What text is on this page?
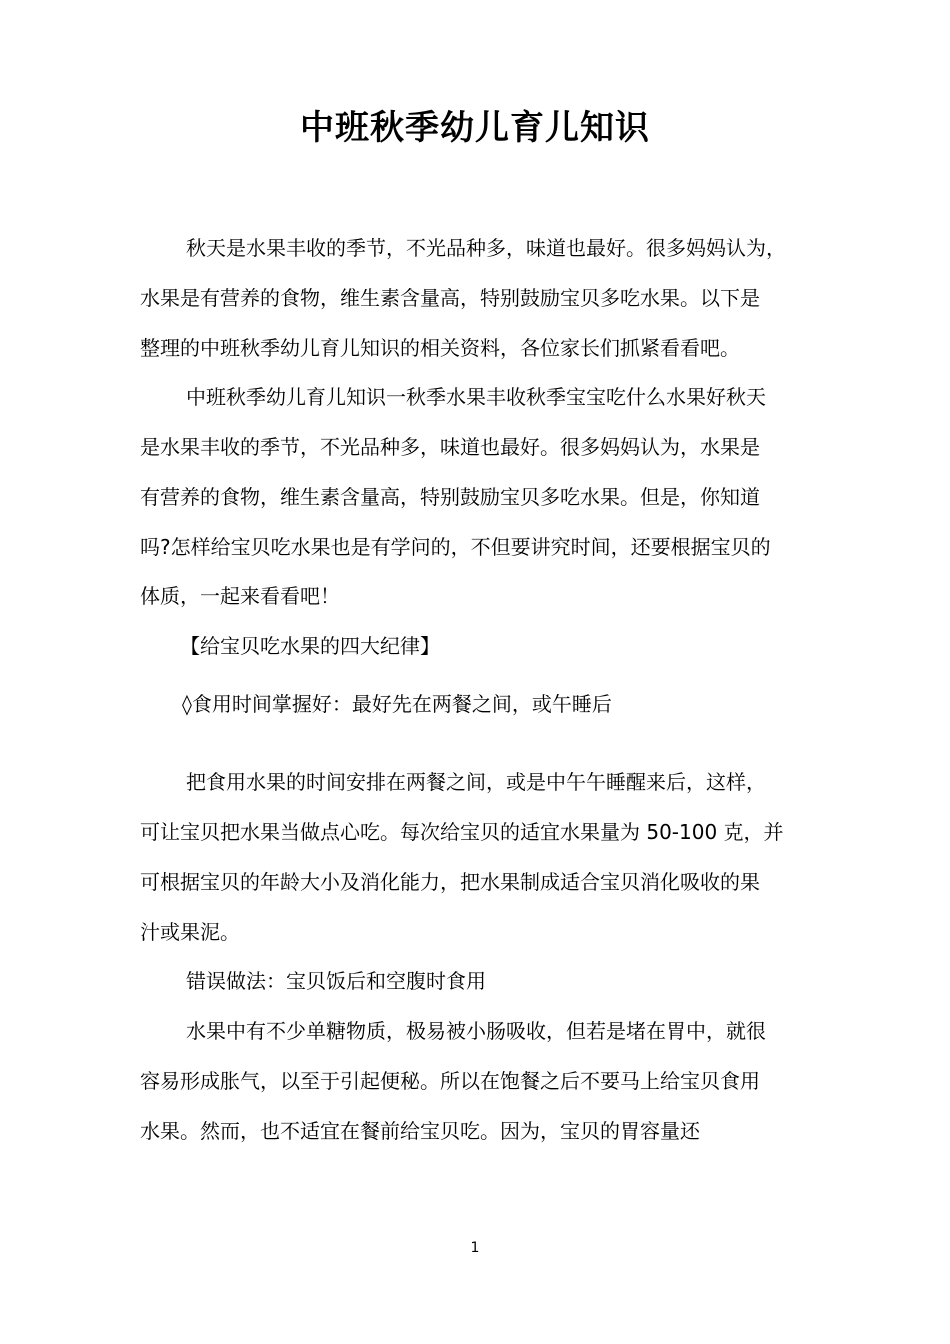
中班秋季幼儿育儿知识
秋天是水果丰收的季节，不光品种多，味道也最好。很多妈妈认为，
水果是有营养的食物，维生素含量高，特别鼓励宝贝多吃水果。以下是
整理的中班秋季幼儿育儿知识的相关资料，各位家长们抓紧看看吧。
中班秋季幼儿育儿知识一秋季水果丰收秋季宝宝吃什么水果好秋天
是水果丰收的季节，不光品种多，味道也最好。很多妈妈认为，水果是
有营养的食物，维生素含量高，特别鼓励宝贝多吃水果。但是，你知道
吗?怎样给宝贝吃水果也是有学问的，不但要讲究时间，还要根据宝贝的
体质，一起来看看吧！
【给宝贝吃水果的四大纪律】
◊食用时间掌握好：最好先在两餐之间，或午睡后
把食用水果的时间安排在两餐之间，或是中午午睡醒来后，这样，
可让宝贝把水果当做点心吃。每次给宝贝的适宜水果量为 50-100 克，并
可根据宝贝的年龄大小及消化能力，把水果制成适合宝贝消化吸收的果
汁或果泥。
错误做法：宝贝饭后和空腹时食用
水果中有不少单糖物质，极易被小肠吸收，但若是堵在胃中，就很
容易形成胀气，以至于引起便秘。所以在饱餐之后不要马上给宝贝食用
水果。然而，也不适宜在餐前给宝贝吃。因为，宝贝的胃容量还
1
